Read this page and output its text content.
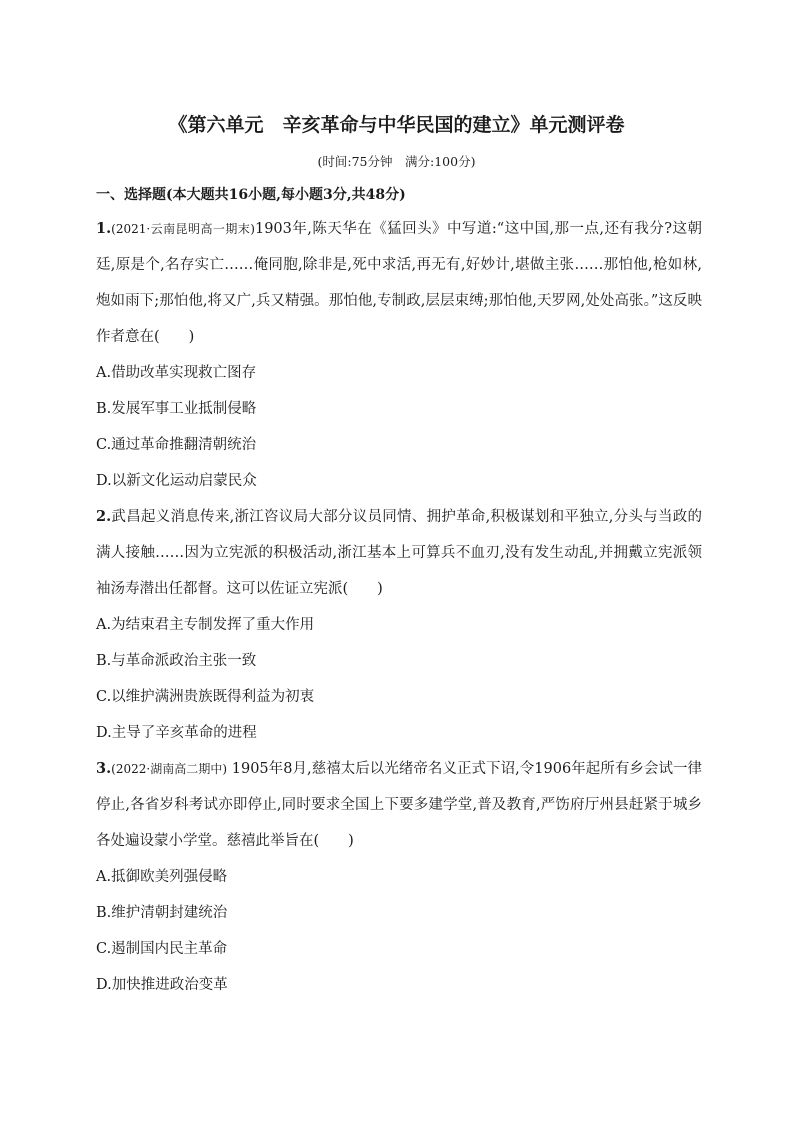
《第六单元　辛亥革命与中华民国的建立》单元测评卷
(时间:75分钟　满分:100分)
一、选择题(本大题共16小题,每小题3分,共48分)

1.(2021·云南昆明高一期末)1903年,陈天华在《猛回头》中写道:“这中国,那一点,还有我分?这朝廷,原是个,名存实亡……俺同胞,除非是,死中求活,再无有,好妙计,堪做主张……那怕他,枪如林,炮如雨下;那怕他,将又广,兵又精强。那怕他,专制政,层层束缚;那怕他,天罗网,处处高张。”这反映作者意在(　　)

A.借助改革实现救亡图存
B.发展军事工业抵制侵略
C.通过革命推翻清朝统治
D.以新文化运动启蒙民众

2.武昌起义消息传来,浙江咨议局大部分议员同情、拥护革命,积极谋划和平独立,分头与当政的满人接触……因为立宪派的积极活动,浙江基本上可算兵不血刃,没有发生动乱,并拥戴立宪派领袖汤寿潜出任都督。这可以佐证立宪派(　　)

A.为结束君主专制发挥了重大作用
B.与革命派政治主张一致
C.以维护满洲贵族既得利益为初衷
D.主导了辛亥革命的进程

3.(2022·湖南高二期中) 1905年8月,慈禧太后以光绪帝名义正式下诏,令1906年起所有乡会试一律停止,各省岁科考试亦即停止,同时要求全国上下要多建学堂,普及教育,严饬府厅州县赶紧于城乡各处遍设蒙小学堂。慈禧此举旨在(　　)

A.抵御欧美列强侵略
B.维护清朝封建统治
C.遏制国内民主革命
D.加快推进政治变革
